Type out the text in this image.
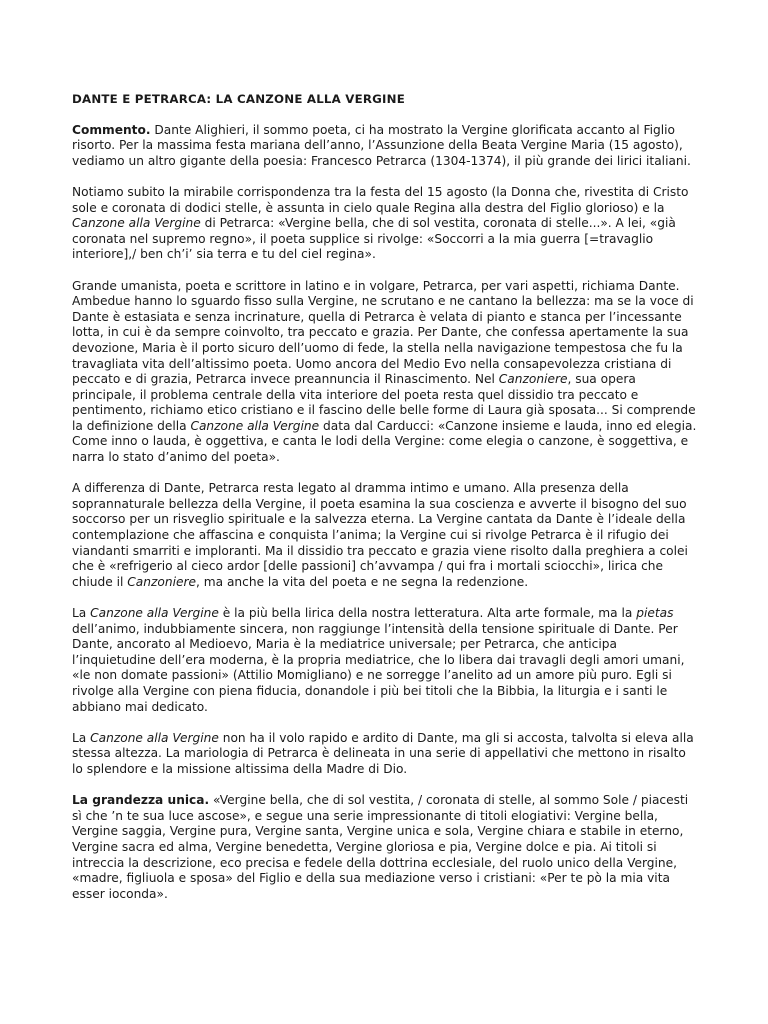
DANTE E PETRARCA: LA CANZONE ALLA VERGINE

Commento. Dante Alighieri, il sommo poeta, ci ha mostrato la Vergine glorificata accanto al Figlio risorto. Per la massima festa mariana dell’anno, l’Assunzione della Beata Vergine Maria (15 agosto), vediamo un altro gigante della poesia: Francesco Petrarca (1304-1374), il più grande dei lirici italiani.

Notiamo subito la mirabile corrispondenza tra la festa del 15 agosto (la Donna che, rivestita di Cristo sole e coronata di dodici stelle, è assunta in cielo quale Regina alla destra del Figlio glorioso) e la Canzone alla Vergine di Petrarca: «Vergine bella, che di sol vestita, coronata di stelle...». A lei, «già coronata nel supremo regno», il poeta supplice si rivolge: «Soccorri a la mia guerra [=travaglio interiore],/ ben ch’i’ sia terra e tu del ciel regina».

Grande umanista, poeta e scrittore in latino e in volgare, Petrarca, per vari aspetti, richiama Dante. Ambedue hanno lo sguardo fisso sulla Vergine, ne scrutano e ne cantano la bellezza: ma se la voce di Dante è estasiata e senza incrinature, quella di Petrarca è velata di pianto e stanca per l’incessante lotta, in cui è da sempre coinvolto, tra peccato e grazia. Per Dante, che confessa apertamente la sua devozione, Maria è il porto sicuro dell’uomo di fede, la stella nella navigazione tempestosa che fu la travagliata vita dell’altissimo poeta. Uomo ancora del Medio Evo nella consapevolezza cristiana di peccato e di grazia, Petrarca invece preannuncia il Rinascimento. Nel Canzoniere, sua opera principale, il problema centrale della vita interiore del poeta resta quel dissidio tra peccato e pentimento, richiamo etico cristiano e il fascino delle belle forme di Laura già sposata... Si comprende la definizione della Canzone alla Vergine data dal Carducci: «Canzone insieme e lauda, inno ed elegia. Come inno o lauda, è oggettiva, e canta le lodi della Vergine: come elegia o canzone, è soggettiva, e narra lo stato d’animo del poeta».

A differenza di Dante, Petrarca resta legato al dramma intimo e umano. Alla presenza della soprannaturale bellezza della Vergine, il poeta esamina la sua coscienza e avverte il bisogno del suo soccorso per un risveglio spirituale e la salvezza eterna. La Vergine cantata da Dante è l’ideale della contemplazione che affascina e conquista l’anima; la Vergine cui si rivolge Petrarca è il rifugio dei viandanti smarriti e imploranti. Ma il dissidio tra peccato e grazia viene risolto dalla preghiera a colei che è «refrigerio al cieco ardor [delle passioni] ch’avvampa / qui fra i mortali sciocchi», lirica che chiude il Canzoniere, ma anche la vita del poeta e ne segna la redenzione.

La Canzone alla Vergine è la più bella lirica della nostra letteratura. Alta arte formale, ma la pietas dell’animo, indubbiamente sincera, non raggiunge l’intensità della tensione spirituale di Dante. Per Dante, ancorato al Medioevo, Maria è la mediatrice universale; per Petrarca, che anticipa l’inquietudine dell’era moderna, è la propria mediatrice, che lo libera dai travagli degli amori umani, «le non domate passioni» (Attilio Momigliano) e ne sorregge l’anelito ad un amore più puro. Egli si rivolge alla Vergine con piena fiducia, donandole i più bei titoli che la Bibbia, la liturgia e i santi le abbiano mai dedicato.

La Canzone alla Vergine non ha il volo rapido e ardito di Dante, ma gli si accosta, talvolta si eleva alla stessa altezza. La mariologia di Petrarca è delineata in una serie di appellativi che mettono in risalto lo splendore e la missione altissima della Madre di Dio.

La grandezza unica. «Vergine bella, che di sol vestita, / coronata di stelle, al sommo Sole / piacesti sì che ’n te sua luce ascose», e segue una serie impressionante di titoli elogiativi: Vergine bella, Vergine saggia, Vergine pura, Vergine santa, Vergine unica e sola, Vergine chiara e stabile in eterno, Vergine sacra ed alma, Vergine benedetta, Vergine gloriosa e pia, Vergine dolce e pia. Ai titoli si intreccia la descrizione, eco precisa e fedele della dottrina ecclesiale, del ruolo unico della Vergine, «madre, figliuola e sposa» del Figlio e della sua mediazione verso i cristiani: «Per te pò la mia vita esser ioconda».
